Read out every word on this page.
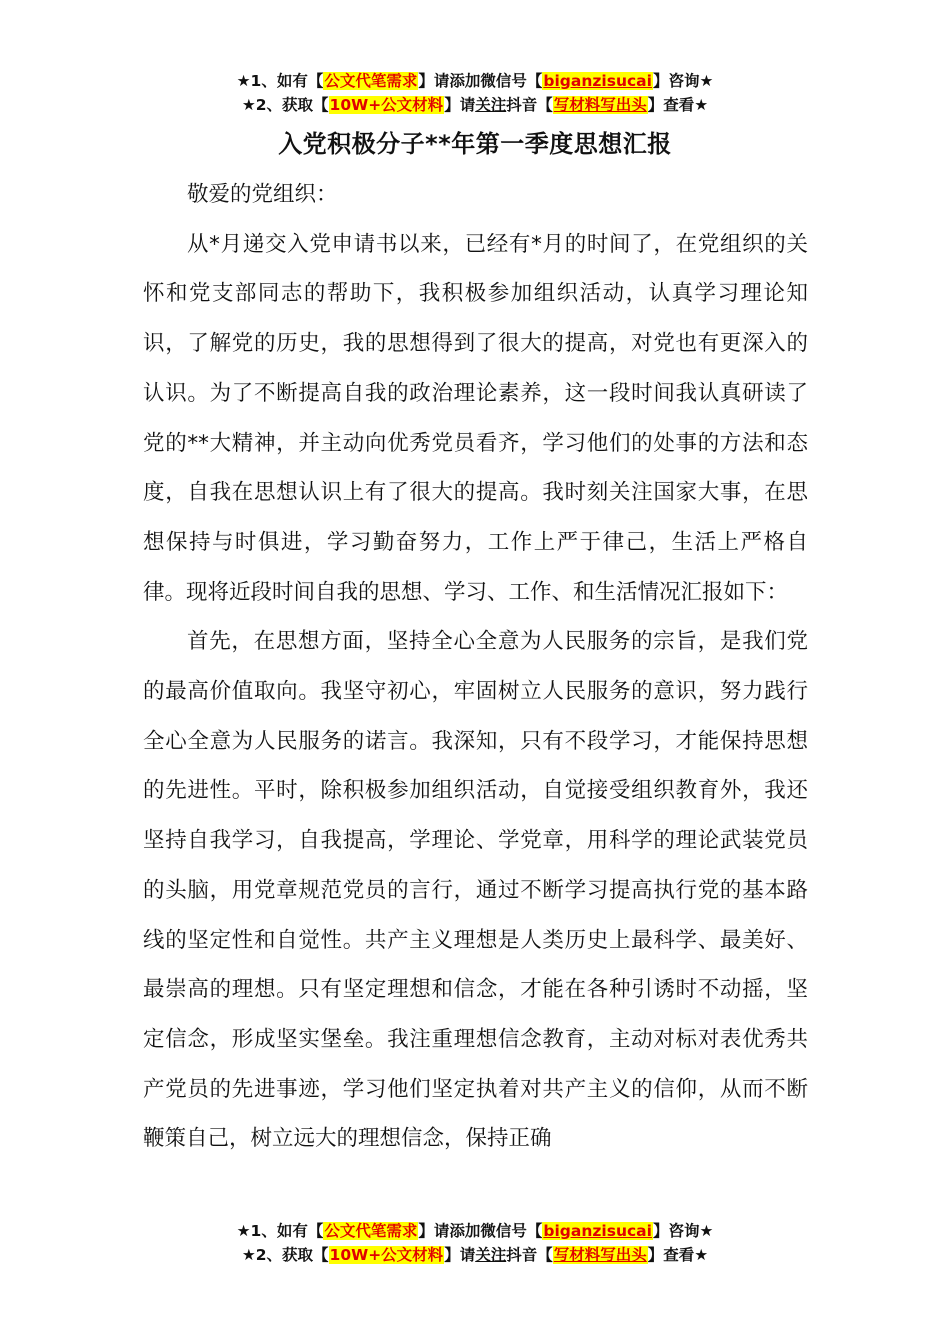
★1、如有【公文代笔需求】请添加微信号【biganzisucai】咨询★
★2、获取【10W+公文材料】请关注抖音【写材料写出头】查看★
入党积极分子**年第一季度思想汇报

敬爱的党组织：

从*月递交入党申请书以来，已经有*月的时间了，在党组织的关怀和党支部同志的帮助下，我积极参加组织活动，认真学习理论知识，了解党的历史，我的思想得到了很大的提高，对党也有更深入的认识。为了不断提高自我的政治理论素养，这一段时间我认真研读了党的**大精神，并主动向优秀党员看齐，学习他们的处事的方法和态度，自我在思想认识上有了很大的提高。我时刻关注国家大事，在思想保持与时俱进，学习勤奋努力，工作上严于律己，生活上严格自律。现将近段时间自我的思想、学习、工作、和生活情况汇报如下：

首先，在思想方面，坚持全心全意为人民服务的宗旨，是我们党的最高价值取向。我坚守初心，牢固树立人民服务的意识，努力践行全心全意为人民服务的诺言。我深知，只有不段学习，才能保持思想的先进性。平时，除积极参加组织活动，自觉接受组织教育外，我还坚持自我学习，自我提高，学理论、学党章，用科学的理论武装党员的头脑，用党章规范党员的言行，通过不断学习提高执行党的基本路线的坚定性和自觉性。共产主义理想是人类历史上最科学、最美好、最崇高的理想。只有坚定理想和信念，才能在各种引诱时不动摇，坚定信念，形成坚实堡垒。我注重理想信念教育，主动对标对表优秀共产党员的先进事迹，学习他们坚定执着对共产主义的信仰，从而不断鞭策自己，树立远大的理想信念，保持正确

★1、如有【公文代笔需求】请添加微信号【biganzisucai】咨询★
★2、获取【10W+公文材料】请关注抖音【写材料写出头】查看★
